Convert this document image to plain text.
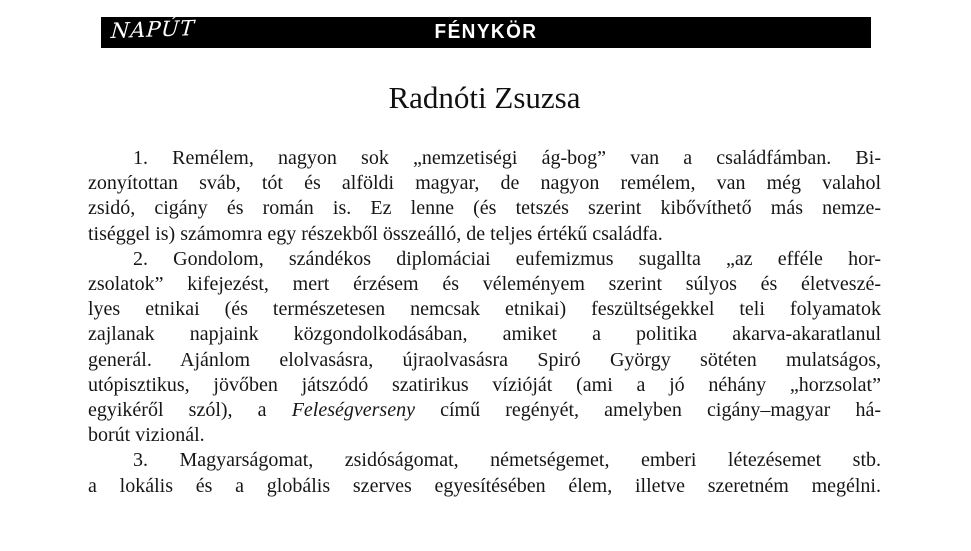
NAPÚT	FÉNYKÖR
Radnóti Zsuzsa
1. Remélem, nagyon sok „nemzetiségi ág-bog” van a családfámban. Bi-
zonyítottan sváb, tót és alföldi magyar, de nagyon remélem, van még valahol
zsidó, cigány és román is. Ez lenne (és tetszés szerint kibővíthető más nemze-
tiséggel is) számomra egy részekből összeálló, de teljes értékű családfa.
2. Gondolom, szándékos diplomáciai eufemizmus sugallta „az efféle hor-
zsolatok” kifejezést, mert érzésem és véleményem szerint súlyos és életveszé-
lyes etnikai (és természetesen nemcsak etnikai) feszültségekkel teli folyamatok
zajlanak napjaink közgondolkodásában, amiket a politika akarva-akaratlanul
generál. Ajánlom elolvasásra, újraolvasásra Spiró György sötéten mulatságos,
utópisztikus, jövőben játszódó szatirikus vízióját (ami a jó néhány „horzsolat”
egyikéről szól), a Feleségverseny című regényét, amelyben cigány–magyar há-
borút vizionál.
3. Magyarságomat, zsidóságomat, németségemet, emberi létezésemet stb.
a lokális és a globális szerves egyesítésében élem, illetve szeretném megélni.
